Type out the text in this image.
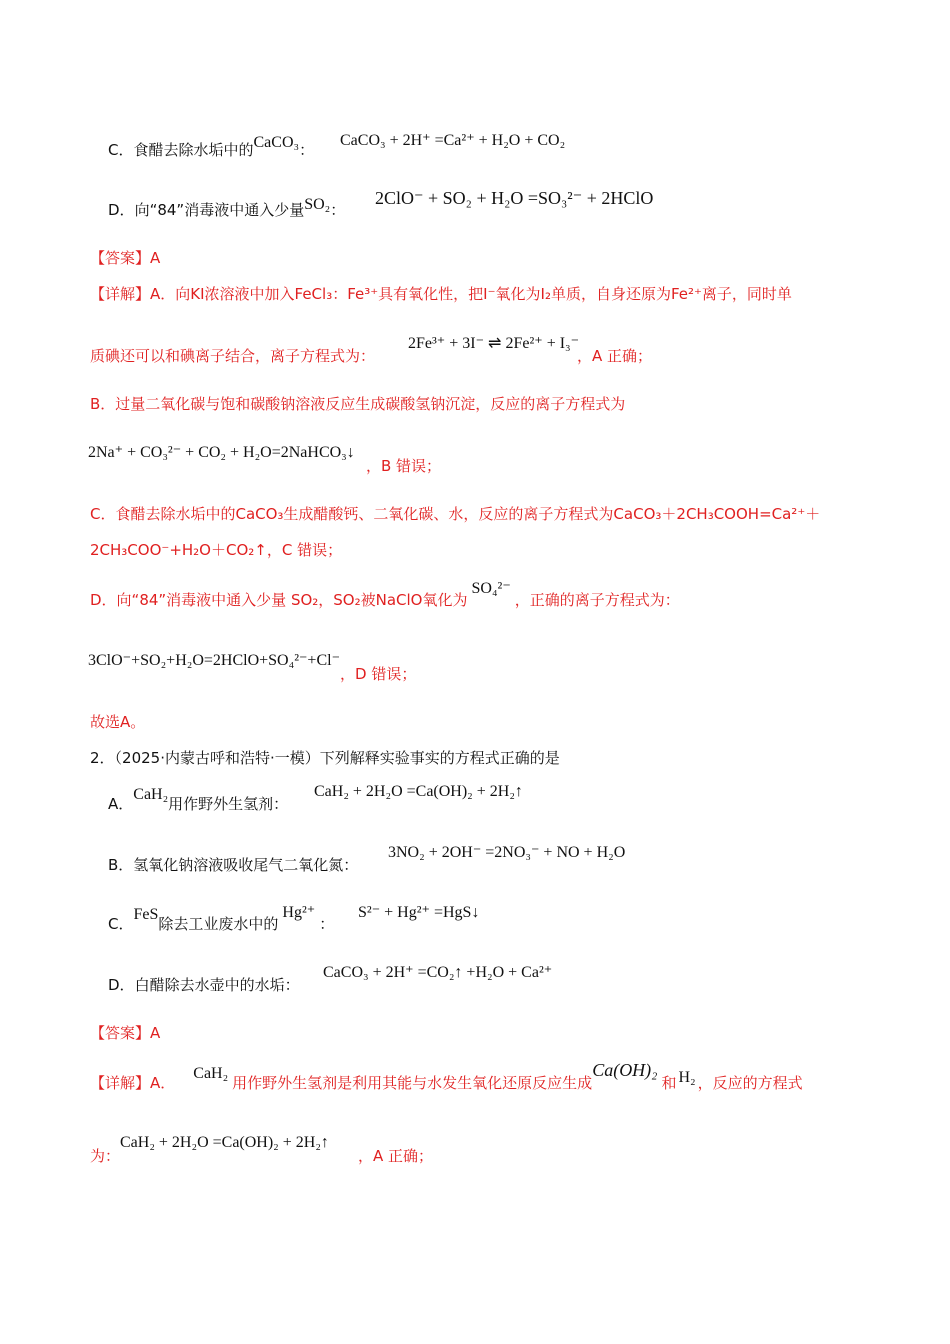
C．食醋去除水垢中的CaCO₃：
CaCO₃ + 2H⁺ =Ca²⁺ + H₂O + CO₂
D．向“84”消毒液中通入少量SO₂：
2ClO⁻ + SO₂ + H₂O =SO₃²⁻ + 2HClO
【答案】A
【详解】A．向KI浓溶液中加入FeCl₃：Fe³⁺具有氧化性，把I⁻氧化为I₂单质，自身还原为Fe²⁺离子，同时单
质碘还可以和碘离子结合，离子方程式为：
2Fe³⁺ + 3I⁻ ⇌ 2Fe²⁺ + I₃⁻
，A 正确；
B．过量二氧化碳与饱和碳酸钠溶液反应生成碳酸氢钠沉淀，反应的离子方程式为
2Na⁺ + CO₃²⁻ + CO₂ + H₂O=2NaHCO₃↓
，B 错误；
C．食醋去除水垢中的CaCO₃生成醋酸钙、二氧化碳、水，反应的离子方程式为CaCO₃＋2CH₃COOH=Ca²⁺＋
2CH₃COO⁻+H₂O＋CO₂↑，C 错误；
D．向“84”消毒液中通入少量 SO₂，SO₂被NaClO氧化为SO₄²⁻，正确的离子方程式为：
3ClO⁻+SO₂+H₂O=2HClO+SO₄²⁻+Cl⁻
，D 错误；
故选A。
2．（2025·内蒙古呼和浩特·一模）下列解释实验事实的方程式正确的是
A．CaH₂用作野外生氢剂：
CaH₂ + 2H₂O =Ca(OH)₂ + 2H₂↑
B．氢氧化钠溶液吸收尾气二氧化氮：
3NO₂ + 2OH⁻ =2NO₃⁻ + NO + H₂O
C．FeS除去工业废水中的Hg²⁺：
S²⁻ + Hg²⁺ =HgS↓
D．白醋除去水壶中的水垢：
CaCO₃ + 2H⁺ =CO₂↑ +H₂O + Ca²⁺
【答案】A
【详解】A．CaH₂用作野外生氢剂是利用其能与水发生氧化还原反应生成Ca(OH)₂和 H₂ ，反应的方程式
为：
CaH₂ + 2H₂O =Ca(OH)₂ + 2H₂↑
，A 正确；
